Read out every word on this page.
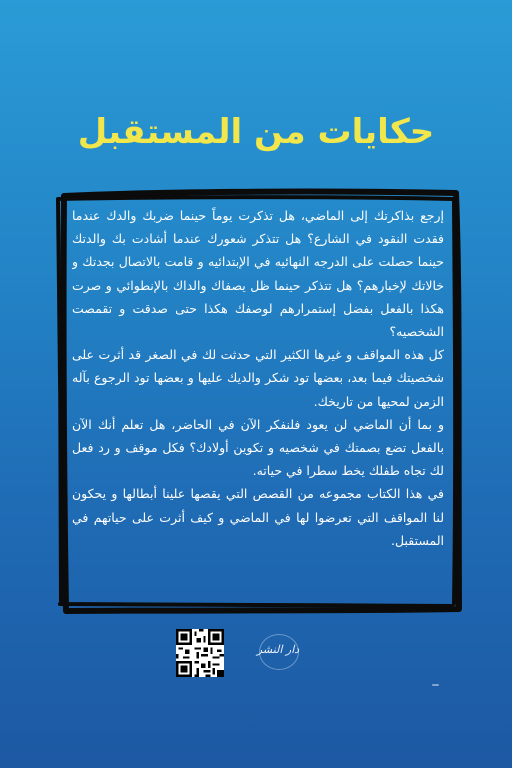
حكايات من المستقبل

إرجع بذاكرتك إلى الماضي، هل تذكرت يوماً حينما ضربك والدك عندما فقدت النقود في الشارع؟ هل تتذكر شعورك عندما أشادت بك والدتك حينما حصلت على الدرجه النهائيه في الإبتدائيه و قامت بالاتصال بجدتك و خالاتك لإخبارهم؟ هل تتذكر حينما ظل يصفاك والداك بالإنطوائي و صرت هكذا بالفعل بفضل إستمرارهم لوصفك هكذا حتى صدقت و تقمصت الشخصيه؟

كل هذه المواقف و غيرها الكثير التي حدثت لك في الصغر قد أثرت على شخصيتك فيما بعد، بعضها تود شكر والديك عليها و بعضها تود الرجوع بآله الزمن لمحيها من تاريخك.

و بما أن الماضي لن يعود فلنفكر الآن في الحاضر، هل تعلم أنك الآن بالفعل تضع بصمتك في شخصيه و تكوين أولادك؟ فكل موقف و رد فعل لك تجاه طفلك يخط سطرا في حياته.

في هذا الكتاب مجموعه من القصص التي يقصها علينا أبطالها و يحكون لنا المواقف التي تعرضوا لها في الماضي و كيف أثرت على حياتهم في المستقبل.

دار النشر
